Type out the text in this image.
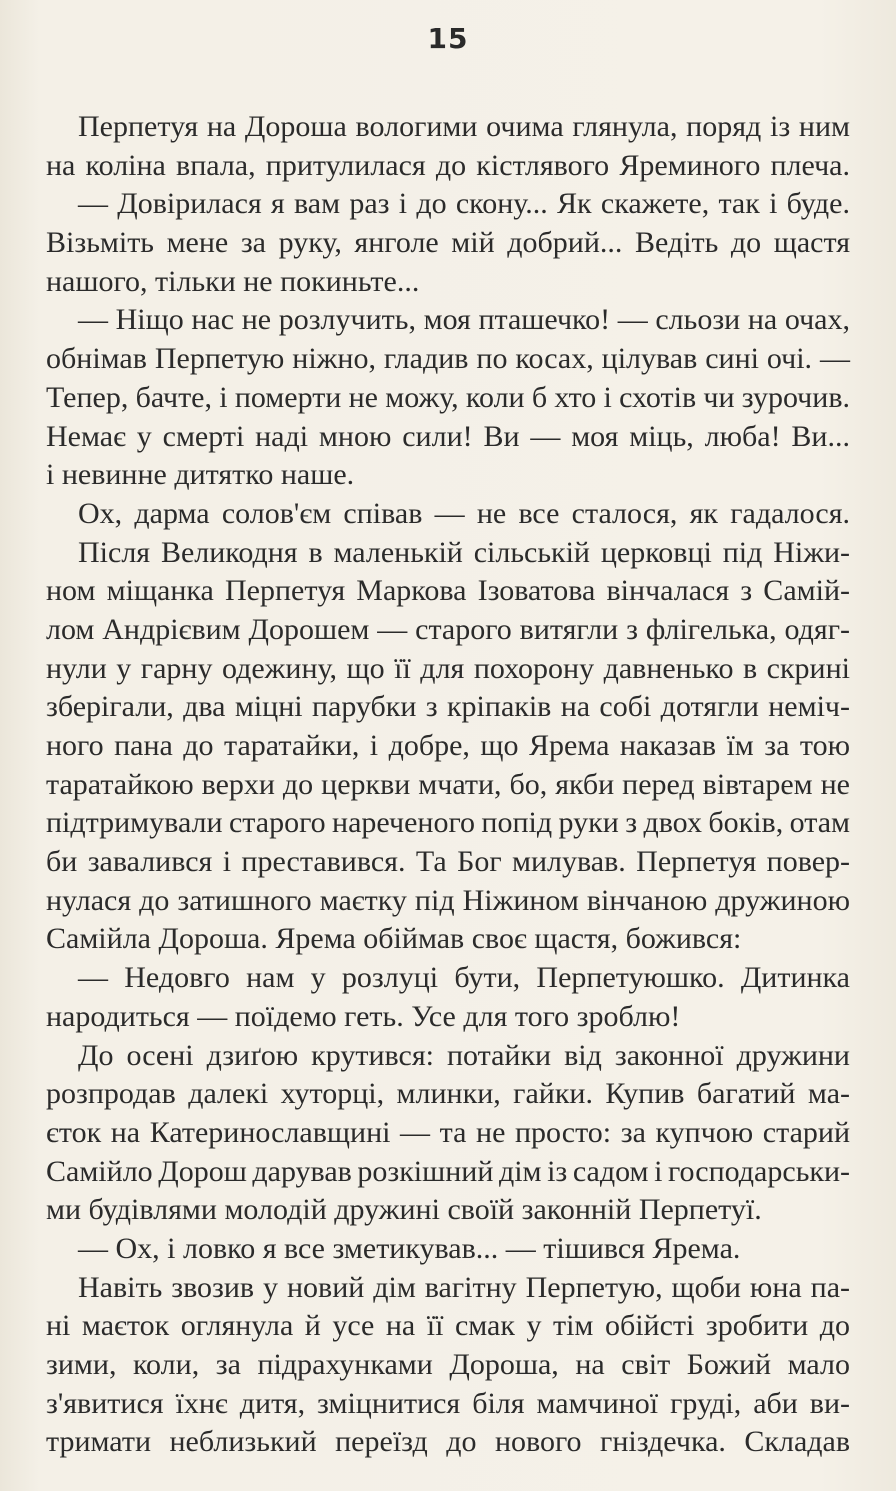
15
Перпетуя на Дороша вологими очима глянула, поряд із ним
на коліна впала, притулилася до кістлявого Яреминого плеча.
— Довірилася я вам раз і до скону... Як скажете, так і буде.
Візьміть мене за руку, янголе мій добрий... Ведіть до щастя
нашого, тільки не покиньте...
— Ніщо нас не розлучить, моя пташечко! — сльози на очах,
обнімав Перпетую ніжно, гладив по косах, цілував сині очі. —
Тепер, бачте, і померти не можу, коли б хто і схотів чи зурочив.
Немає у смерті наді мною сили! Ви — моя міць, люба! Ви...
і невинне дитятко наше.
Ох, дарма солов'єм співав — не все сталося, як гадалося.
Після Великодня в маленькій сільській церковці під Ніжи-
ном міщанка Перпетуя Маркова Ізоватова вінчалася з Самій-
лом Андрієвим Дорошем — старого витягли з флігелька, одяг-
нули у гарну одежину, що її для похорону давненько в скрині
зберігали, два міцні парубки з кріпаків на собі дотягли неміч-
ного пана до таратайки, і добре, що Ярема наказав їм за тою
таратайкою верхи до церкви мчати, бо, якби перед вівтарем не
підтримували старого нареченого попід руки з двох боків, отам
би завалився і преставився. Та Бог милував. Перпетуя повер-
нулася до затишного маєтку під Ніжином вінчаною дружиною
Самійла Дороша. Ярема обіймав своє щастя, божився:
— Недовго нам у розлуці бути, Перпетуюшко. Дитинка
народиться — поїдемо геть. Усе для того зроблю!
До осені дзиґою крутився: потайки від законної дружини
розпродав далекі хуторці, млинки, гайки. Купив багатий ма-
єток на Катеринославщині — та не просто: за купчою старий
Самійло Дорош дарував розкішний дім із садом і господарськи-
ми будівлями молодій дружині своїй законній Перпетуї.
— Ох, і ловко я все зметикував... — тішився Ярема.
Навіть звозив у новий дім вагітну Перпетую, щоби юна па-
ні маєток оглянула й усе на її смак у тім обійсті зробити до
зими, коли, за підрахунками Дороша, на світ Божий мало
з'явитися їхнє дитя, зміцнитися біля мамчиної груді, аби ви-
тримати неблизький переїзд до нового гніздечка. Складав
